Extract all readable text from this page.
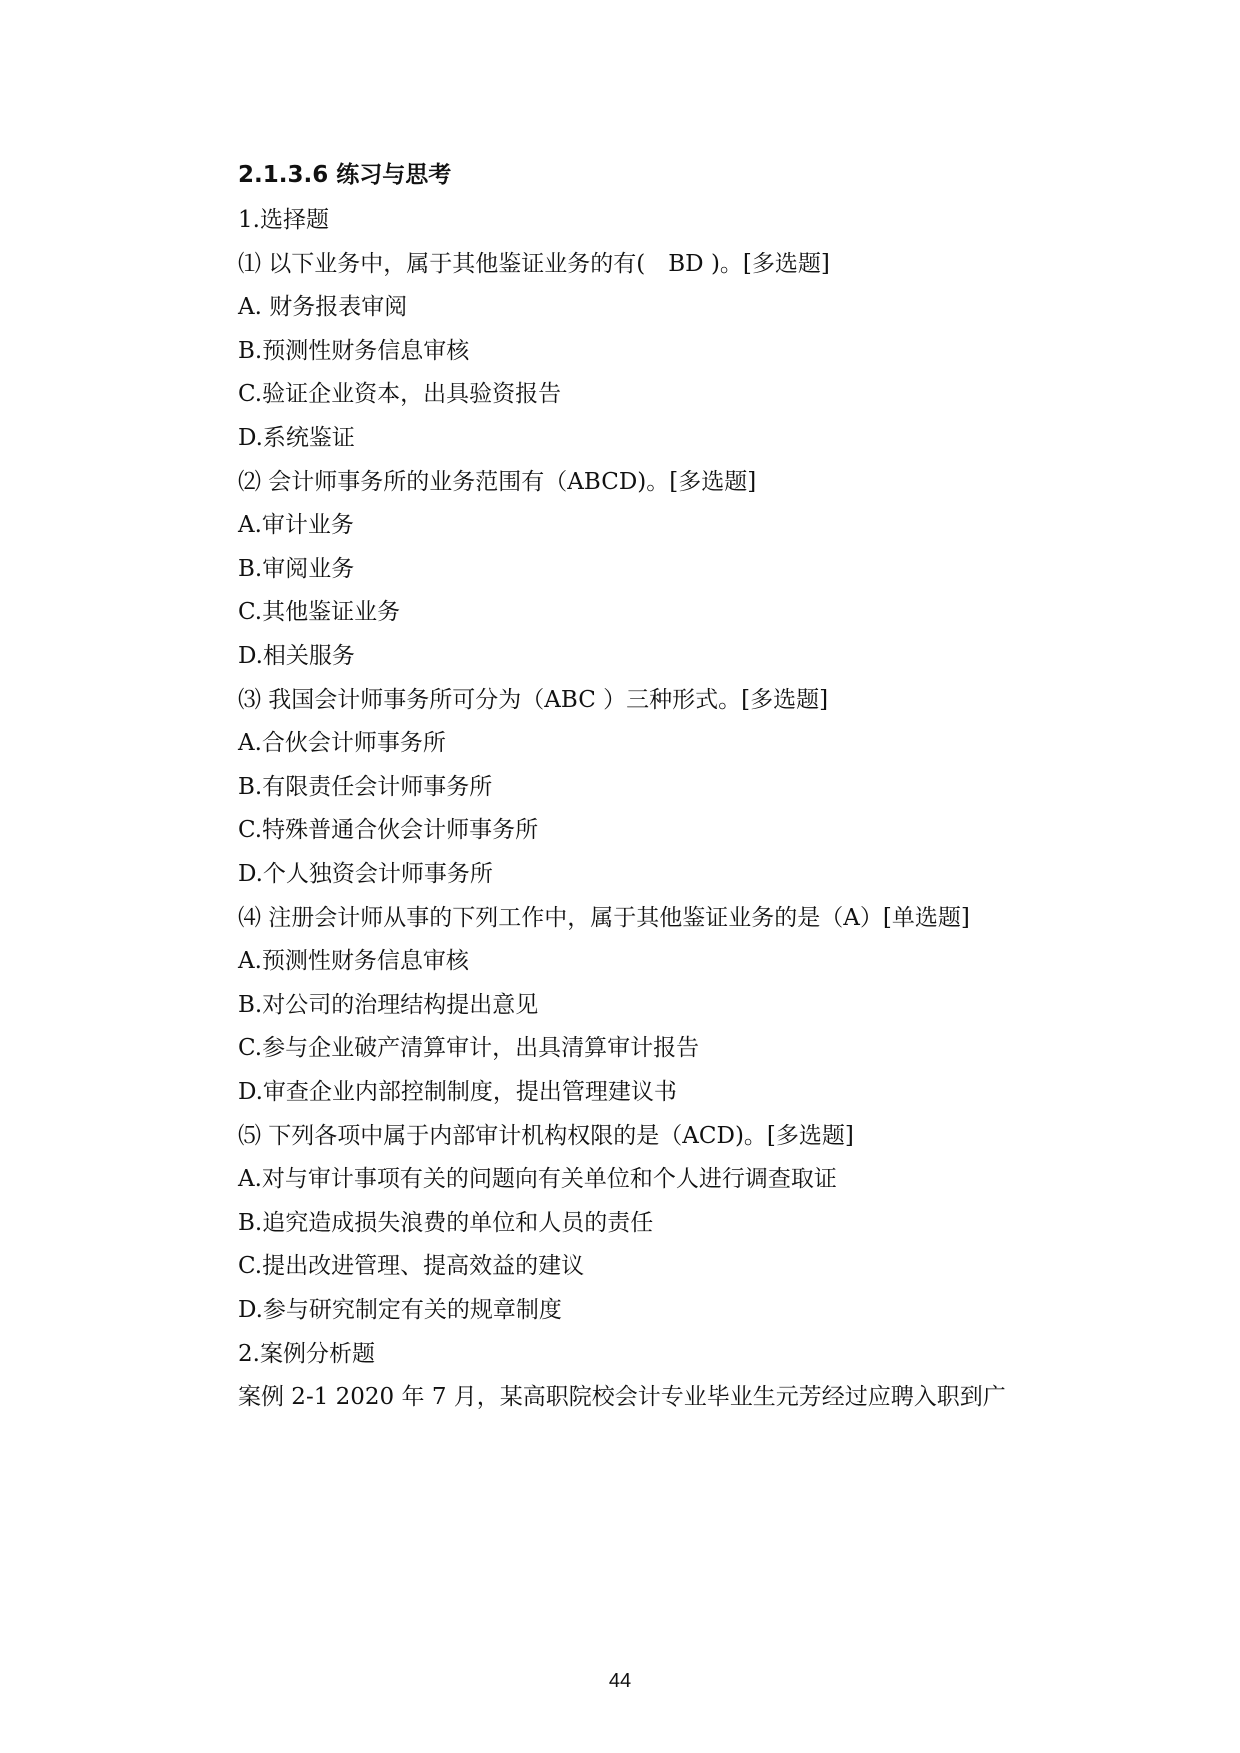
2.1.3.6 练习与思考
1.选择题
⑴ 以下业务中，属于其他鉴证业务的有(　BD )。[多选题]
A. 财务报表审阅
B.预测性财务信息审核
C.验证企业资本，出具验资报告
D.系统鉴证
⑵ 会计师事务所的业务范围有（ABCD)。[多选题]
A.审计业务
B.审阅业务
C.其他鉴证业务
D.相关服务
⑶ 我国会计师事务所可分为（ABC ）三种形式。[多选题]
A.合伙会计师事务所
B.有限责任会计师事务所
C.特殊普通合伙会计师事务所
D.个人独资会计师事务所
⑷ 注册会计师从事的下列工作中，属于其他鉴证业务的是（A）[单选题]
A.预测性财务信息审核
B.对公司的治理结构提出意见
C.参与企业破产清算审计，出具清算审计报告
D.审查企业内部控制制度，提出管理建议书
⑸ 下列各项中属于内部审计机构权限的是（ACD)。[多选题]
A.对与审计事项有关的问题向有关单位和个人进行调查取证
B.追究造成损失浪费的单位和人员的责任
C.提出改进管理、提高效益的建议
D.参与研究制定有关的规章制度
2.案例分析题
案例 2-1 2020 年 7 月，某高职院校会计专业毕业生元芳经过应聘入职到广
44
